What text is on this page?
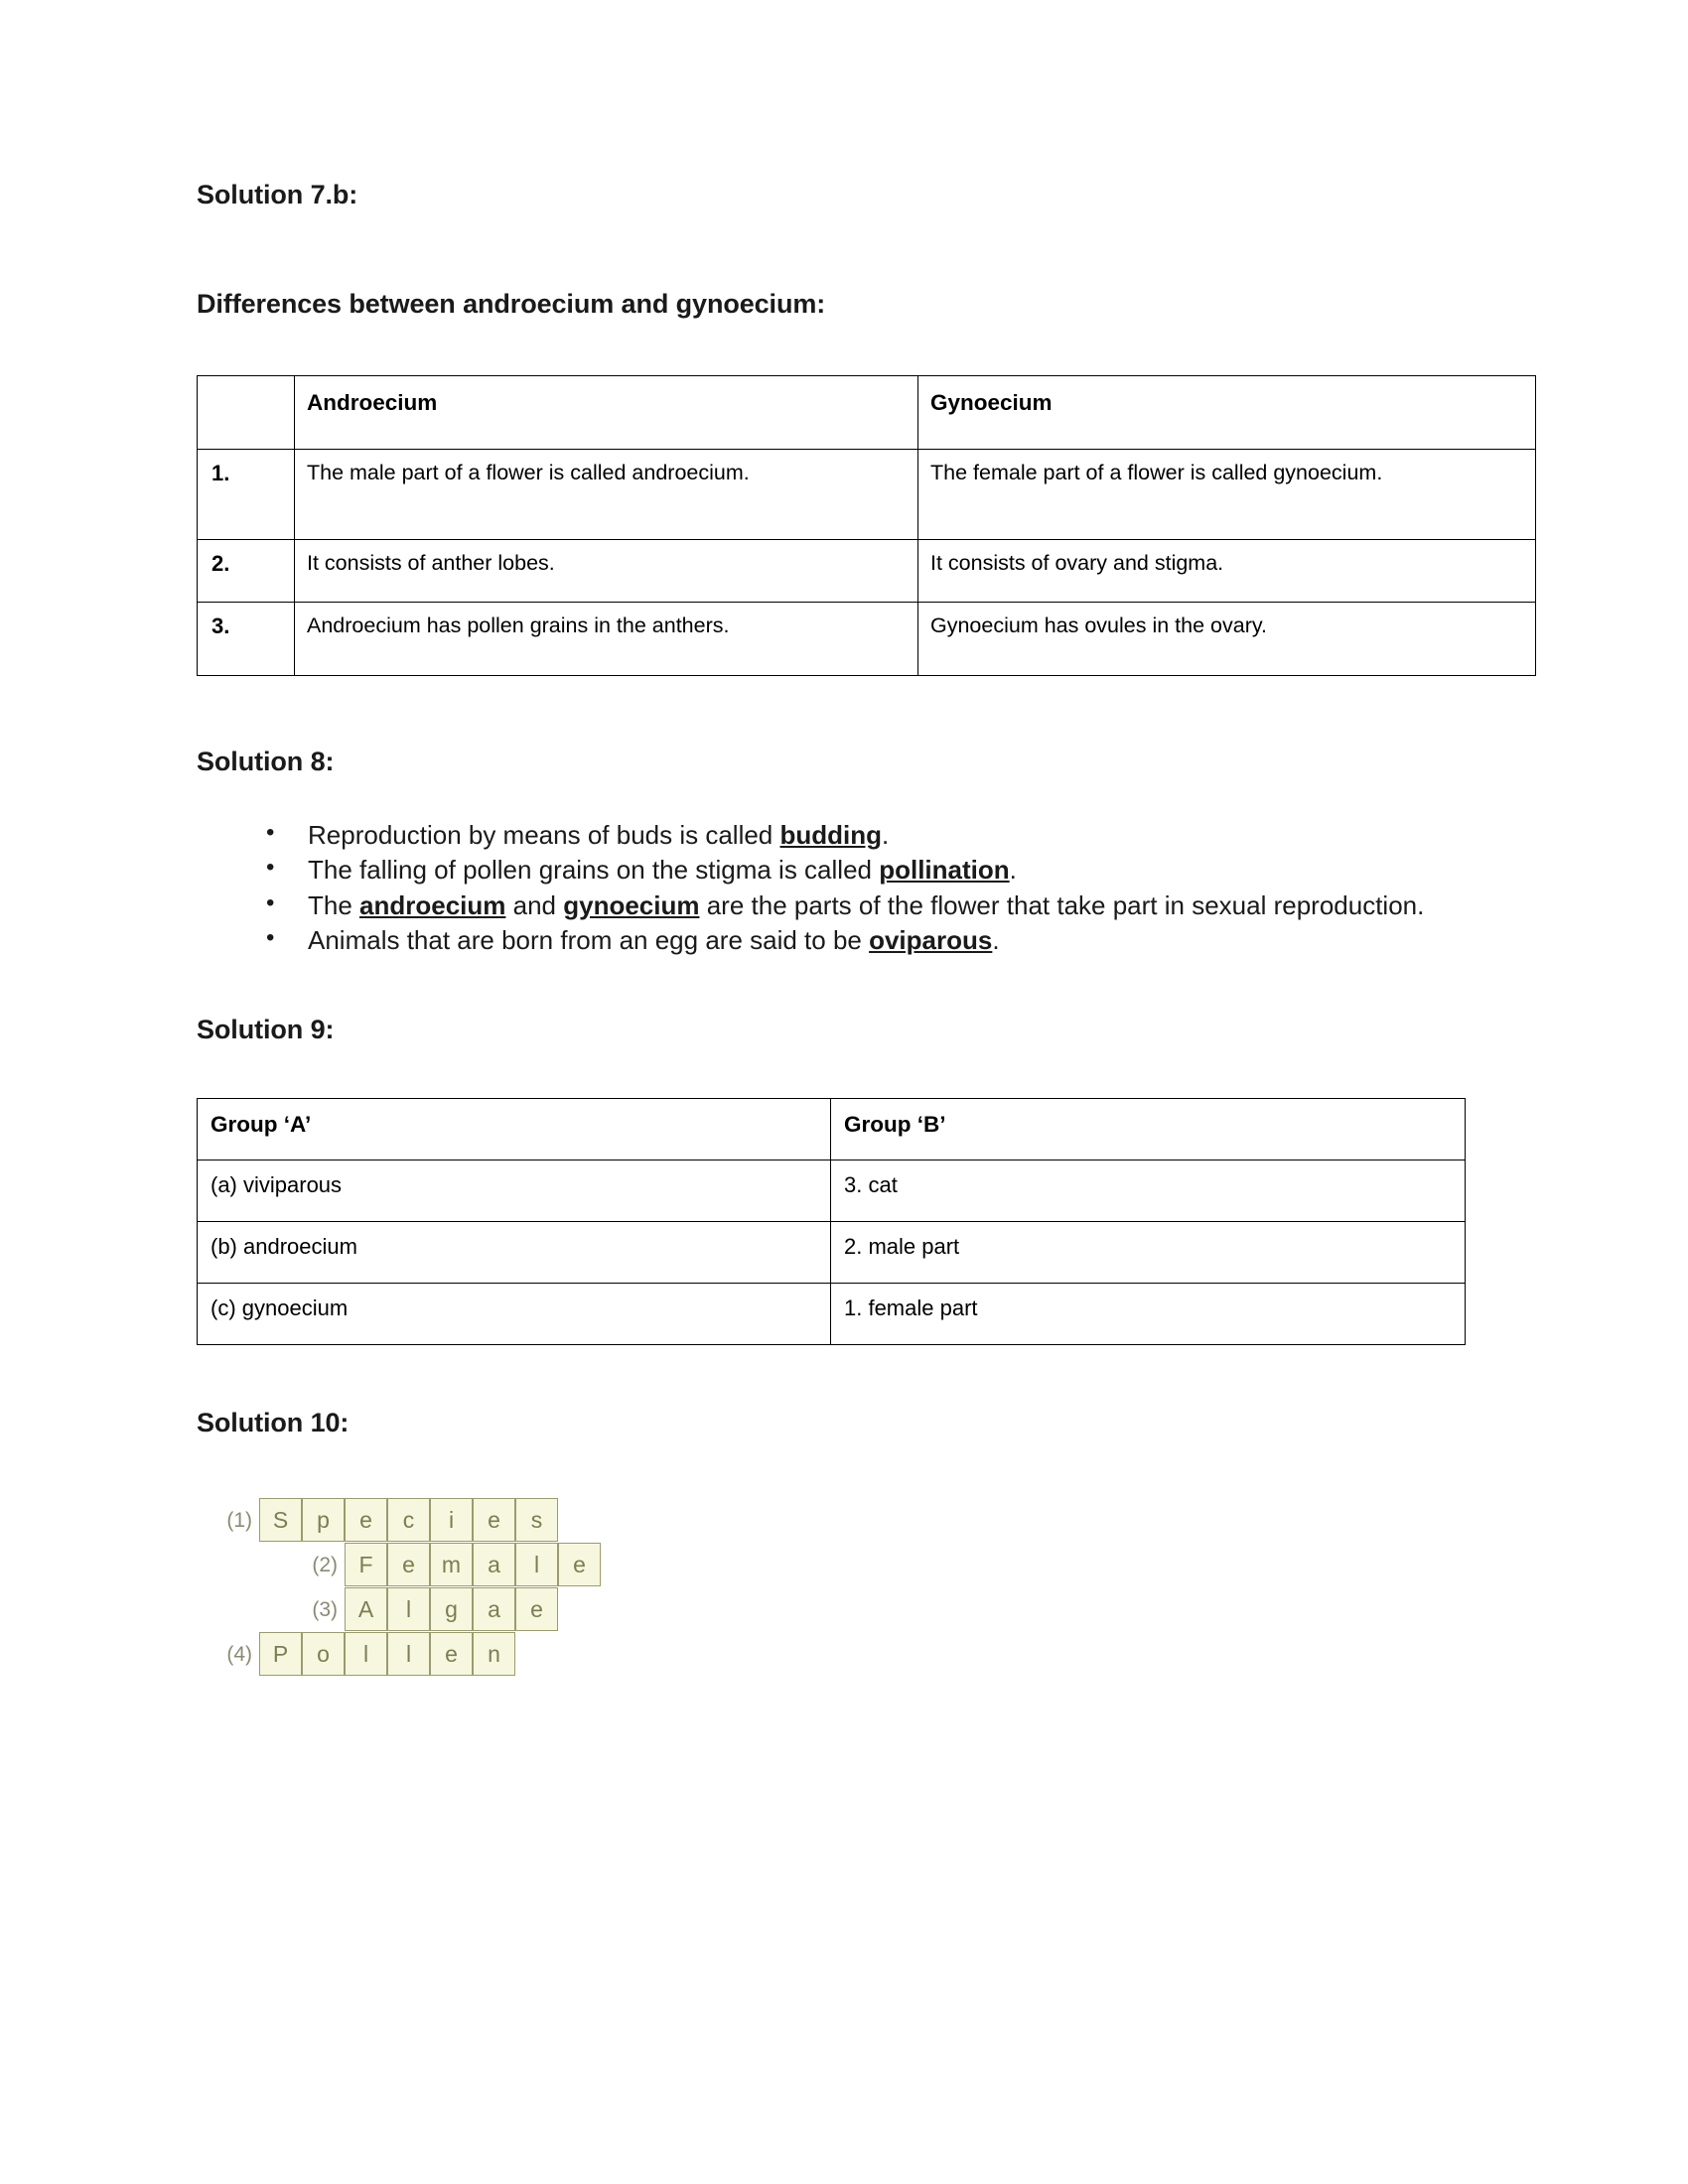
Solution 7.b:
Differences between androecium and gynoecium:
	Androecium	Gynoecium
1.	The male part of a flower is called androecium.	The female part of a flower is called gynoecium.
2.	It consists of anther lobes.	It consists of ovary and stigma.
3.	Androecium has pollen grains in the anthers.	Gynoecium has ovules in the ovary.
Solution 8:
• Reproduction by means of buds is called budding.
• The falling of pollen grains on the stigma is called pollination.
• The androecium and gynoecium are the parts of the flower that take part in sexual reproduction.
• Animals that are born from an egg are said to be oviparous.
Solution 9:
Group ‘A’	Group ‘B’
(a) viviparous	3. cat
(b) androecium	2. male part
(c) gynoecium	1. female part
Solution 10:
(1) S	p	e	c	i	e	s
(2) F	e	m	a	l	e
(3) A	l	g	a	e
(4) P	o	l	l	e	n
